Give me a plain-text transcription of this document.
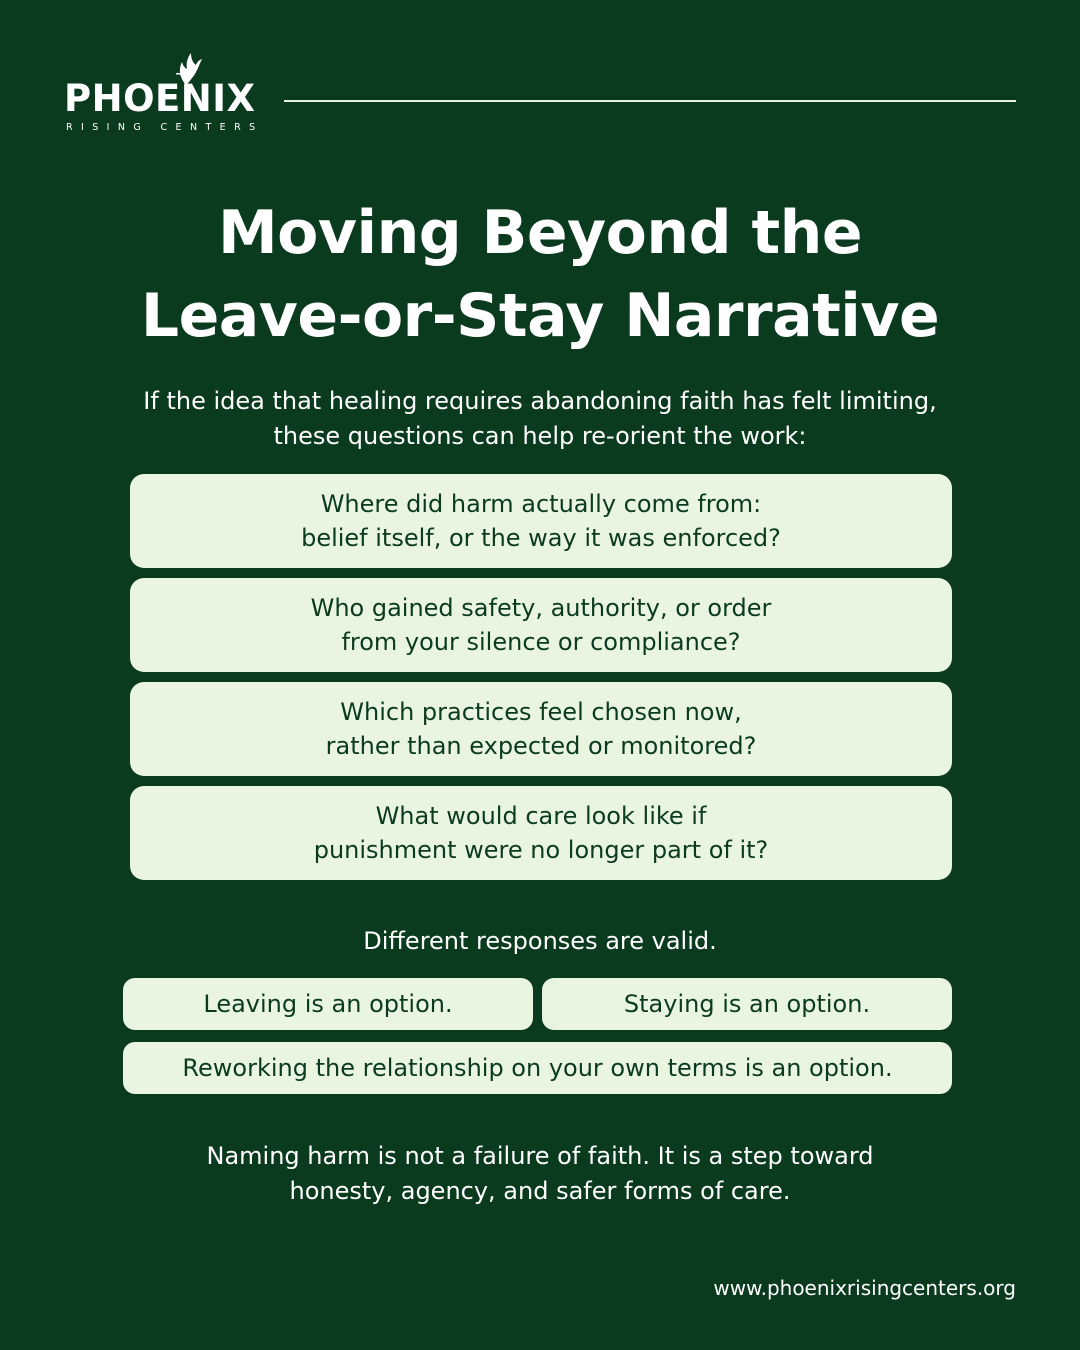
PHOENIX
RISING CENTERS
Moving Beyond the
Leave-or-Stay Narrative
If the idea that healing requires abandoning faith has felt limiting,
these questions can help re-orient the work:
Where did harm actually come from:
belief itself, or the way it was enforced?
Who gained safety, authority, or order
from your silence or compliance?
Which practices feel chosen now,
rather than expected or monitored?
What would care look like if
punishment were no longer part of it?
Different responses are valid.
Leaving is an option.	Staying is an option.
Reworking the relationship on your own terms is an option.
Naming harm is not a failure of faith. It is a step toward
honesty, agency, and safer forms of care.
www.phoenixrisingcenters.org
